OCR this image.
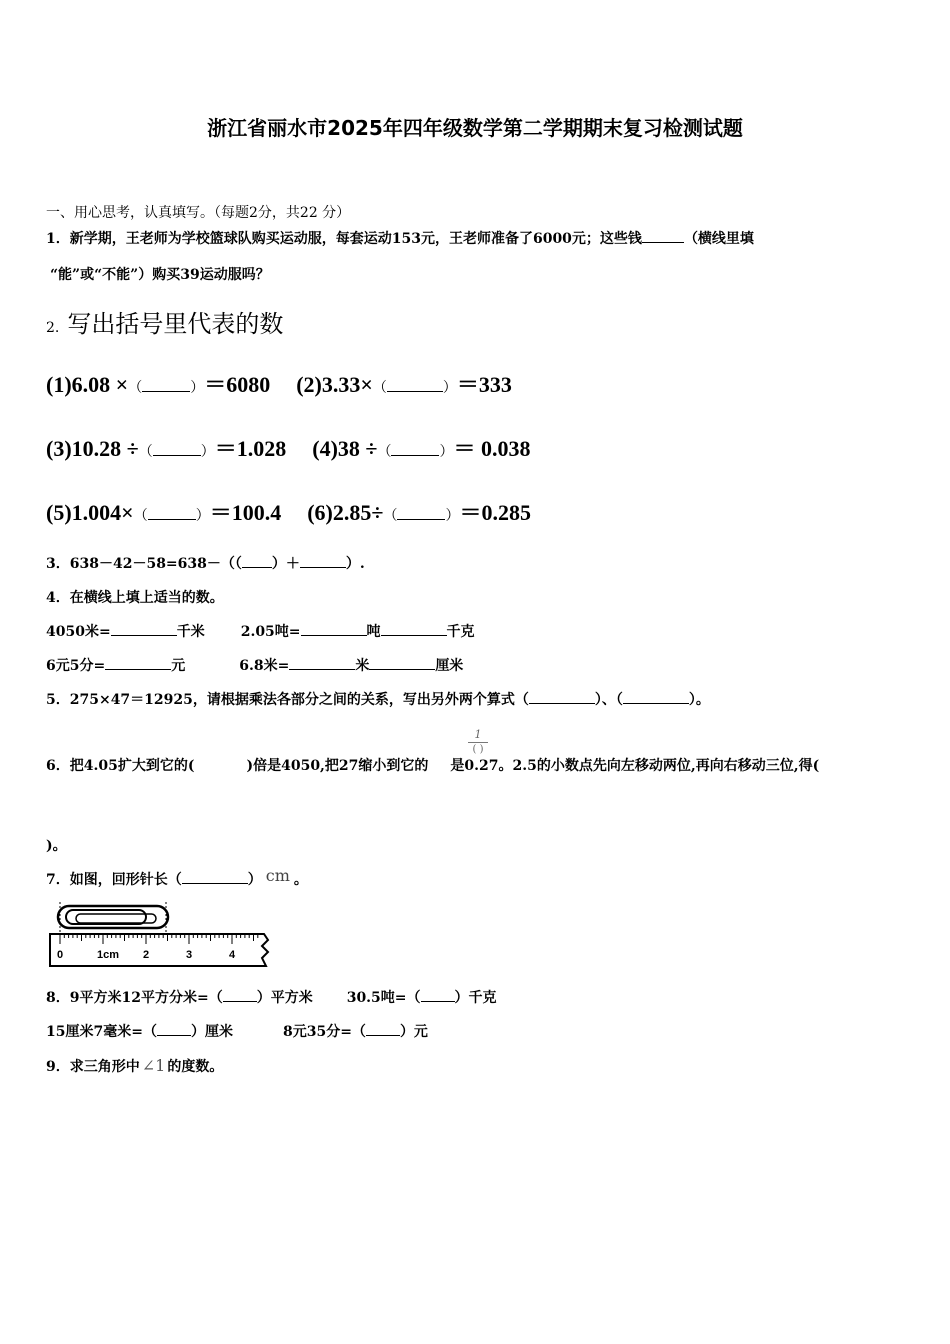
浙江省丽水市2025年四年级数学第二学期期末复习检测试题
一、用心思考，认真填写。（每题2分，共22 分）
1．新学期，王老师为学校篮球队购买运动服，每套运动153元，王老师准备了6000元；这些钱	（横线里填
“能”或“不能”）购买39运动服吗？
2. 写出括号里代表的数
(1)6.08 ×（	）＝6080 (2)3.33×（	）＝333
(3)10.28 ÷（	）＝1.028 (4)38 ÷（	）＝ 0.038
(5)1.004×（	）＝100.4 (6)2.85÷（	）＝0.285
3．638－42－58=638－（（ ）＋	）.
4．在横线上填上适当的数。
4050米=	千米	2.05吨=	吨	千克
6元5分=	元	6.8米=	米	厘米
5．275×47＝12925，请根据乘法各部分之间的关系，写出另外两个算式（	）、（	）。
6．把4.05扩大到它的(	)倍是4050,把27缩小到它的 是0.27。2.5的小数点先向左移动两位,再向右移动三位,得(
1
( )
)。
7．如图，回形针长（	） cm 。
0	1cm 2	3	4
8．9平方米12平方分米=（ ）平方米 30.5吨=（ ）千克
15厘米7毫米=（ ）厘米	8元35分=（ ）元
9．求三角形中 ∠1 的度数。
